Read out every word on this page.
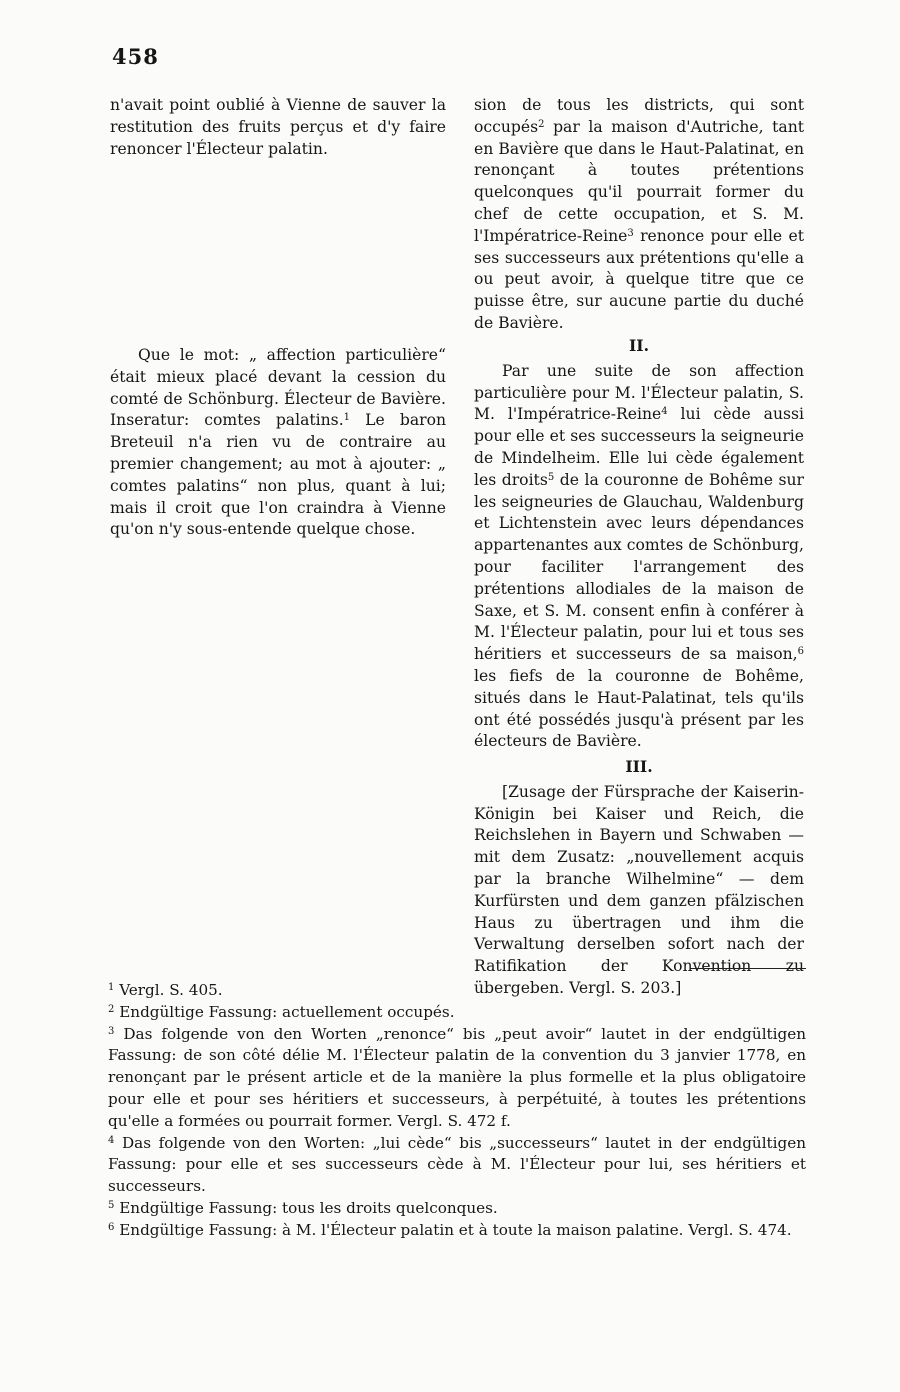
458

n'avait point oublié à Vienne de sauver la restitution des fruits perçus et d'y faire renoncer l'Électeur palatin.

Que le mot: „ affection particulière“ était mieux placé devant la cession du comté de Schönburg. Électeur de Bavière. Inseratur: comtes palatins.$^1$ Le baron Breteuil n'a rien vu de contraire au premier changement; au mot à ajouter: „ comtes palatins“ non plus, quant à lui; mais il croit que l'on craindra à Vienne qu'on n'y sous-entende quelque chose.

sion de tous les districts, qui sont occupés$^2$ par la maison d'Autriche, tant en Bavière que dans le Haut-Palatinat, en renonçant à toutes prétentions quelconques qu'il pourrait former du chef de cette occupation, et S. M. l'Impératrice-Reine$^3$ renonce pour elle et ses successeurs aux prétentions qu'elle a ou peut avoir, à quelque titre que ce puisse être, sur aucune partie du duché de Bavière.

II.

Par une suite de son affection particulière pour M. l'Électeur palatin, S. M. l'Impératrice-Reine$^4$ lui cède aussi pour elle et ses successeurs la seigneurie de Mindelheim. Elle lui cède également les droits$^5$ de la couronne de Bohême sur les seigneuries de Glauchau, Waldenburg et Lichtenstein avec leurs dépendances appartenantes aux comtes de Schönburg, pour faciliter l'arrangement des prétentions allodiales de la maison de Saxe, et S. M. consent enfin à conférer à M. l'Électeur palatin, pour lui et tous ses héritiers et successeurs de sa maison,$^6$ les fiefs de la couronne de Bohême, situés dans le Haut-Palatinat, tels qu'ils ont été possédés jusqu'à présent par les électeurs de Bavière.

III.

[Zusage der Fürsprache der Kaiserin-Königin bei Kaiser und Reich, die Reichslehen in Bayern und Schwaben — mit dem Zusatz: „nouvellement acquis par la branche Wilhelmine“ — dem Kurfürsten und dem ganzen pfälzischen Haus zu übertragen und ihm die Verwaltung derselben sofort nach der Ratifikation der Konvention zu übergeben. Vergl. S. 203.]

$^1$ Vergl. S. 405.

$^2$ Endgültige Fassung: actuellement occupés.

$^3$ Das folgende von den Worten „renonce“ bis „peut avoir“ lautet in der endgültigen Fassung: de son côté délie M. l'Électeur palatin de la convention du 3 janvier 1778, en renonçant par le présent article et de la manière la plus formelle et la plus obligatoire pour elle et pour ses héritiers et successeurs, à perpétuité, à toutes les prétentions qu'elle a formées ou pourrait former. Vergl. S. 472 f.

$^4$ Das folgende von den Worten: „lui cède“ bis „successeurs“ lautet in der endgültigen Fassung: pour elle et ses successeurs cède à M. l'Électeur pour lui, ses héritiers et successeurs.

$^5$ Endgültige Fassung: tous les droits quelconques.

$^6$ Endgültige Fassung: à M. l'Électeur palatin et à toute la maison palatine. Vergl. S. 474.
